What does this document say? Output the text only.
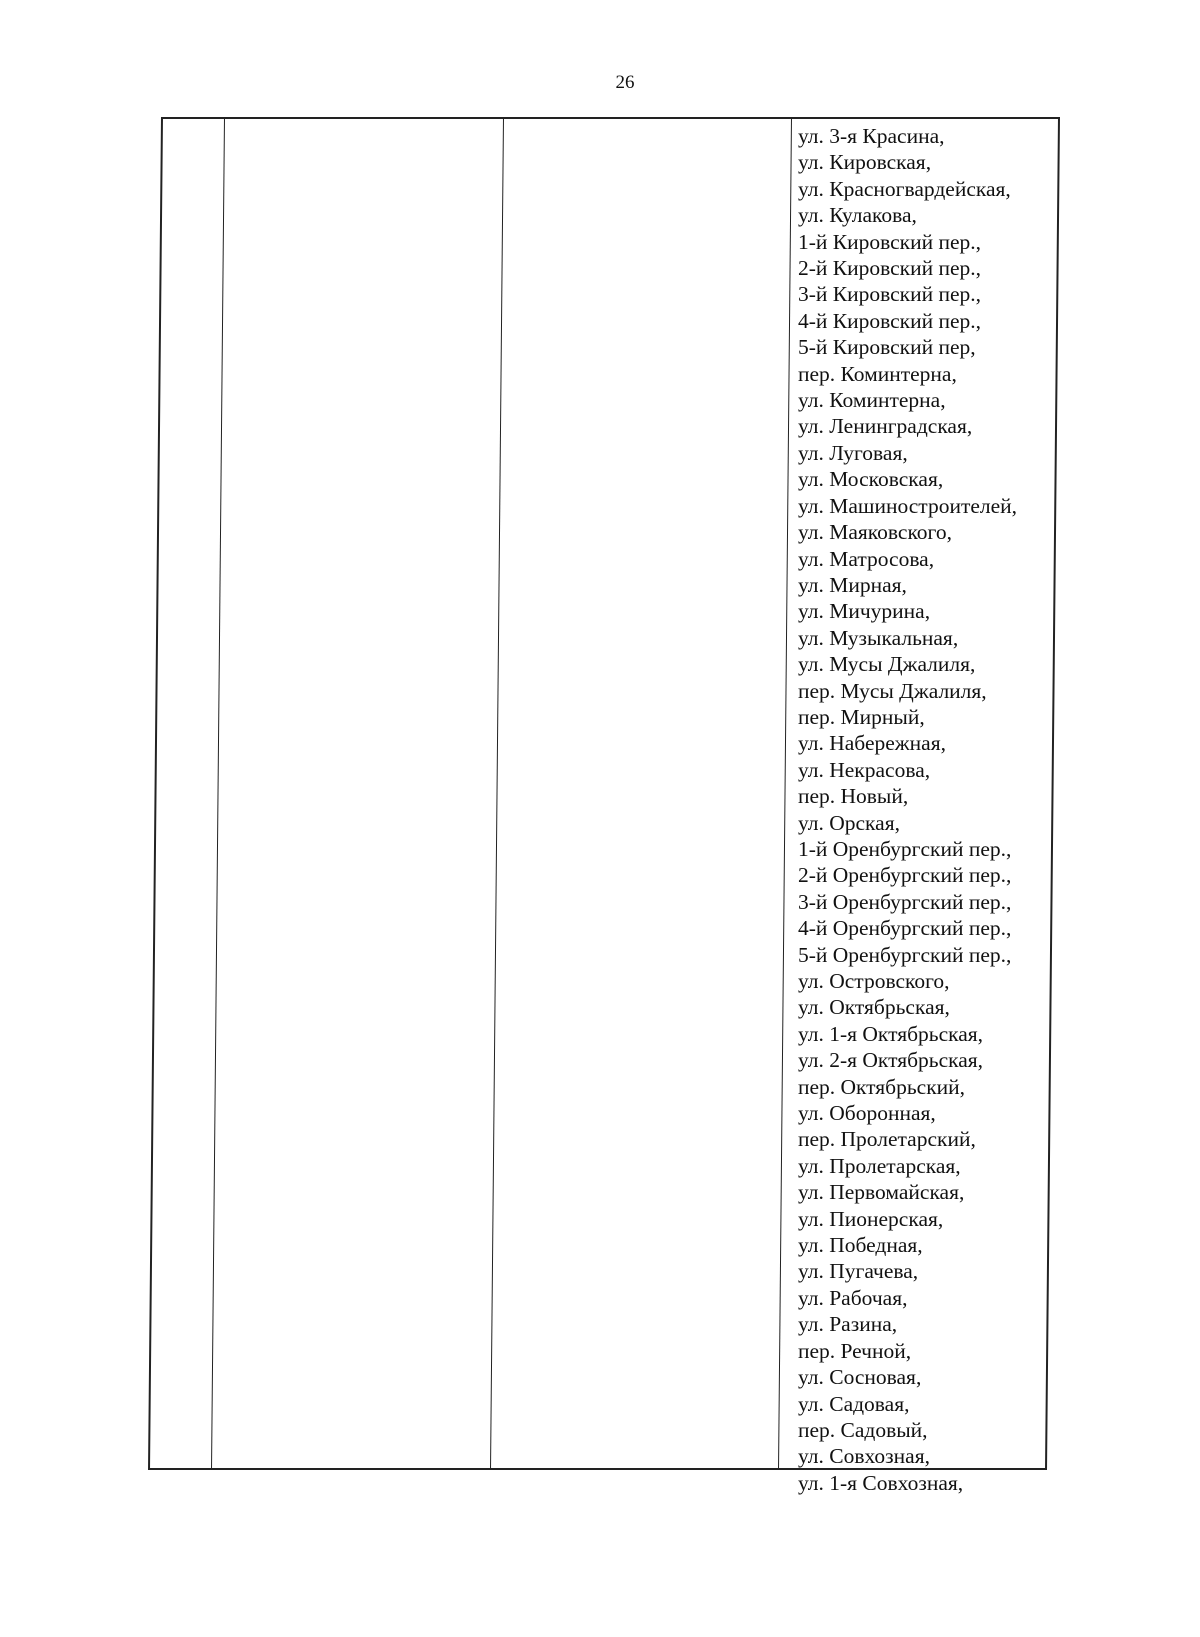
26
ул. 3-я Красина,
ул. Кировская,
ул. Красногвардейская,
ул. Кулакова,
1-й Кировский пер.,
2-й Кировский пер.,
3-й Кировский пер.,
4-й Кировский пер.,
5-й Кировский пер,
пер. Коминтерна,
ул. Коминтерна,
ул. Ленинградская,
ул. Луговая,
ул. Московская,
ул. Машиностроителей,
ул. Маяковского,
ул. Матросова,
ул. Мирная,
ул. Мичурина,
ул. Музыкальная,
ул. Мусы Джалиля,
пер. Мусы Джалиля,
пер. Мирный,
ул. Набережная,
ул. Некрасова,
пер. Новый,
ул. Орская,
1-й Оренбургский пер.,
2-й Оренбургский пер.,
3-й Оренбургский пер.,
4-й Оренбургский пер.,
5-й Оренбургский пер.,
ул. Островского,
ул. Октябрьская,
ул. 1-я Октябрьская,
ул. 2-я Октябрьская,
пер. Октябрьский,
ул. Оборонная,
пер. Пролетарский,
ул. Пролетарская,
ул. Первомайская,
ул. Пионерская,
ул. Победная,
ул. Пугачева,
ул. Рабочая,
ул. Разина,
пер. Речной,
ул. Сосновая,
ул. Садовая,
пер. Садовый,
ул. Совхозная,
ул. 1-я Совхозная,
